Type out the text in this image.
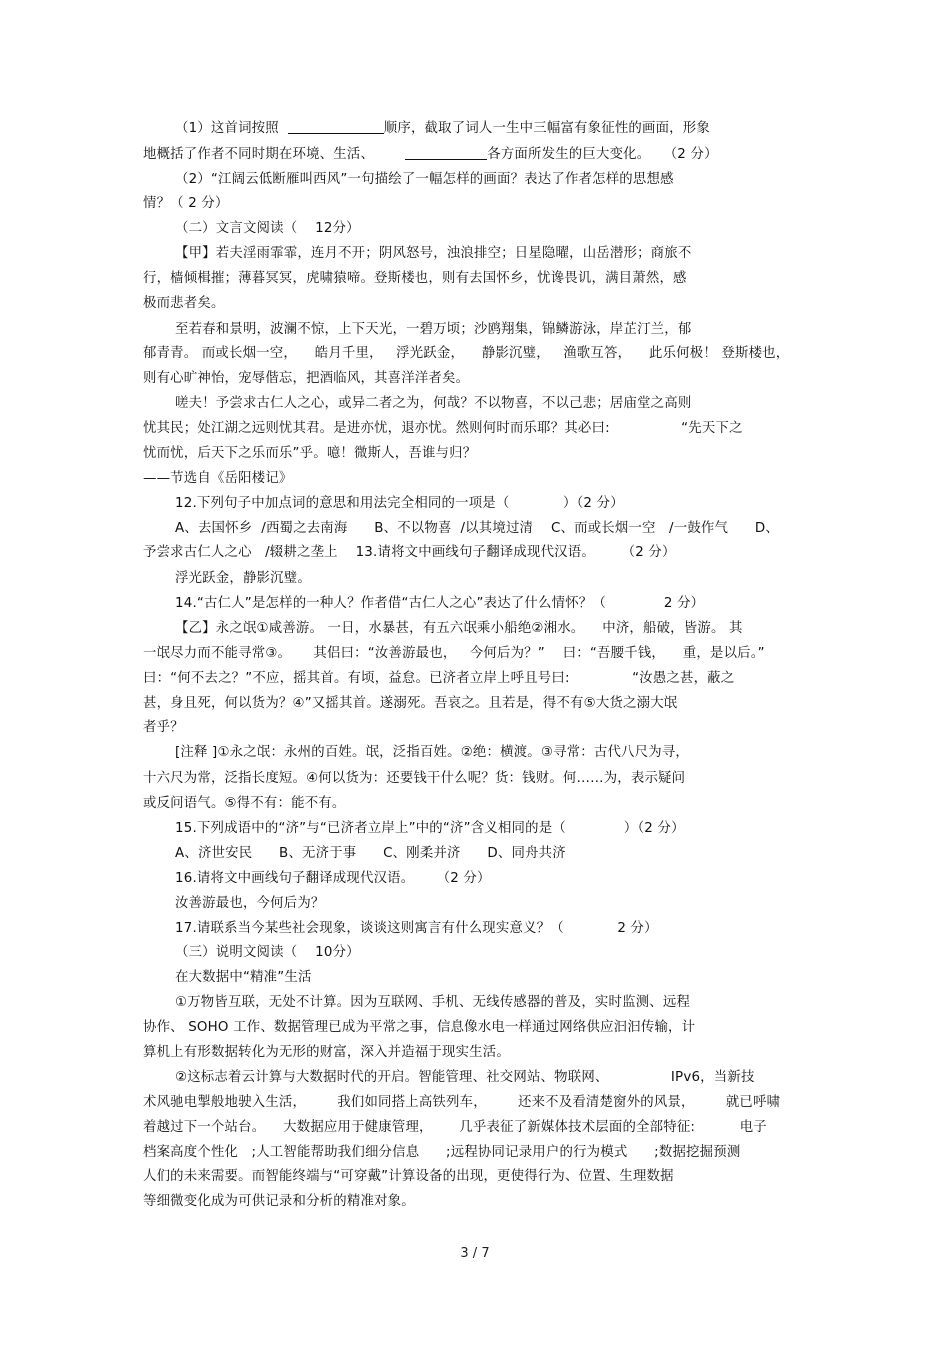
（1）这首词按照	顺序，截取了词人一生中三幅富有象征性的画面，形象
地概括了作者不同时期在环境、生活、	各方面所发生的巨大变化。   （2 分）
（2）“江阔云低断雁叫西风”一句描绘了一幅怎样的画面？表达了作者怎样的思想感
情？（ 2 分）
（二）文言文阅读（    12分）
【甲】若夫淫雨霏霏，连月不开；阴风怒号，浊浪排空；日星隐曜，山岳潜形；商旅不
行，樯倾楫摧；薄暮冥冥，虎啸猿啼。登斯楼也，则有去国怀乡，忧谗畏讥，满目萧然，感
极而悲者矣。
至若春和景明，波澜不惊，上下天光，一碧万顷；沙鸥翔集，锦鳞游泳，岸芷汀兰，郁
郁青青。 而或长烟一空，    皓月千里，   浮光跃金，    静影沉璧，   渔歌互答，    此乐何极！ 登斯楼也，
则有心旷神怡，宠辱偕忘，把酒临风，其喜洋洋者矣。
嗟夫！予尝求古仁人之心，或异二者之为，何哉？不以物喜，不以己悲；居庙堂之高则
忧其民；处江湖之远则忧其君。是进亦忧，退亦忧。然则何时而乐耶？其必曰:                “先天下之
忧而忧，后天下之乐而乐”乎。噫！微斯人，吾谁与归？
——节选自《岳阳楼记》
12.下列句子中加点词的意思和用法完全相同的一项是（            ）（2 分）
A、去国怀乡  /西蜀之去南海      B、不以物喜  /以其境过清    C、而或长烟一空   /一鼓作气      D、
予尝求古仁人之心   /辍耕之垄上    13.请将文中画线句子翻译成现代汉语。      （2 分）
浮光跃金，静影沉璧。
14.“古仁人”是怎样的一种人？作者借“古仁人之心”表达了什么情怀？（             2 分）
【乙】永之氓①咸善游。 一日，水暴甚，有五六氓乘小船绝②湘水。    中济，船破，皆游。 其
一氓尽力而不能寻常③。     其侣曰：“汝善游最也，   今何后为？”    曰：“吾腰千钱，    重，是以后。”
曰：“何不去之？”不应，摇其首。有顷，益怠。已济者立岸上呼且号曰:              “汝愚之甚，蔽之
甚，身且死，何以货为？④”又摇其首。遂溺死。吾哀之。且若是，得不有⑤大货之溺大氓
者乎？
[注释 ]①永之氓：永州的百姓。氓，泛指百姓。②绝：横渡。③寻常：古代八尺为寻，
十六尺为常，泛指长度短。④何以货为：还要钱干什么呢？货：钱财。何……为，表示疑问
或反问语气。⑤得不有：能不有。
15.下列成语中的“济”与“已济者立岸上”中的“济”含义相同的是（             ）（2 分）
A、济世安民      B、无济于事      C、刚柔并济      D、同舟共济
16.请将文中画线句子翻译成现代汉语。     （2 分）
汝善游最也，今何后为？
17.请联系当今某些社会现象，谈谈这则寓言有什么现实意义？（            2 分）
（三）说明文阅读（    10分）
在大数据中“精准”生活
①万物皆互联，无处不计算。因为互联网、手机、无线传感器的普及，实时监测、远程
协作、 SOHO 工作、数据管理已成为平常之事，信息像水电一样通过网络供应汩汩传输，计
算机上有形数据转化为无形的财富，深入并造福于现实生活。
②这标志着云计算与大数据时代的开启。智能管理、社交网站、物联网、              IPv6，当新技
术风驰电掣般地驶入生活，       我们如同搭上高铁列车，       还来不及看清楚窗外的风景，       就已呼啸
着越过下一个站台。    大数据应用于健康管理，      几乎表征了新媒体技术层面的全部特征:          电子
档案高度个性化   ;人工智能帮助我们细分信息      ;远程协同记录用户的行为模式      ;数据挖掘预测
人们的未来需要。而智能终端与“可穿戴”计算设备的出现，更使得行为、位置、生理数据
等细微变化成为可供记录和分析的精准对象。
3 / 7
